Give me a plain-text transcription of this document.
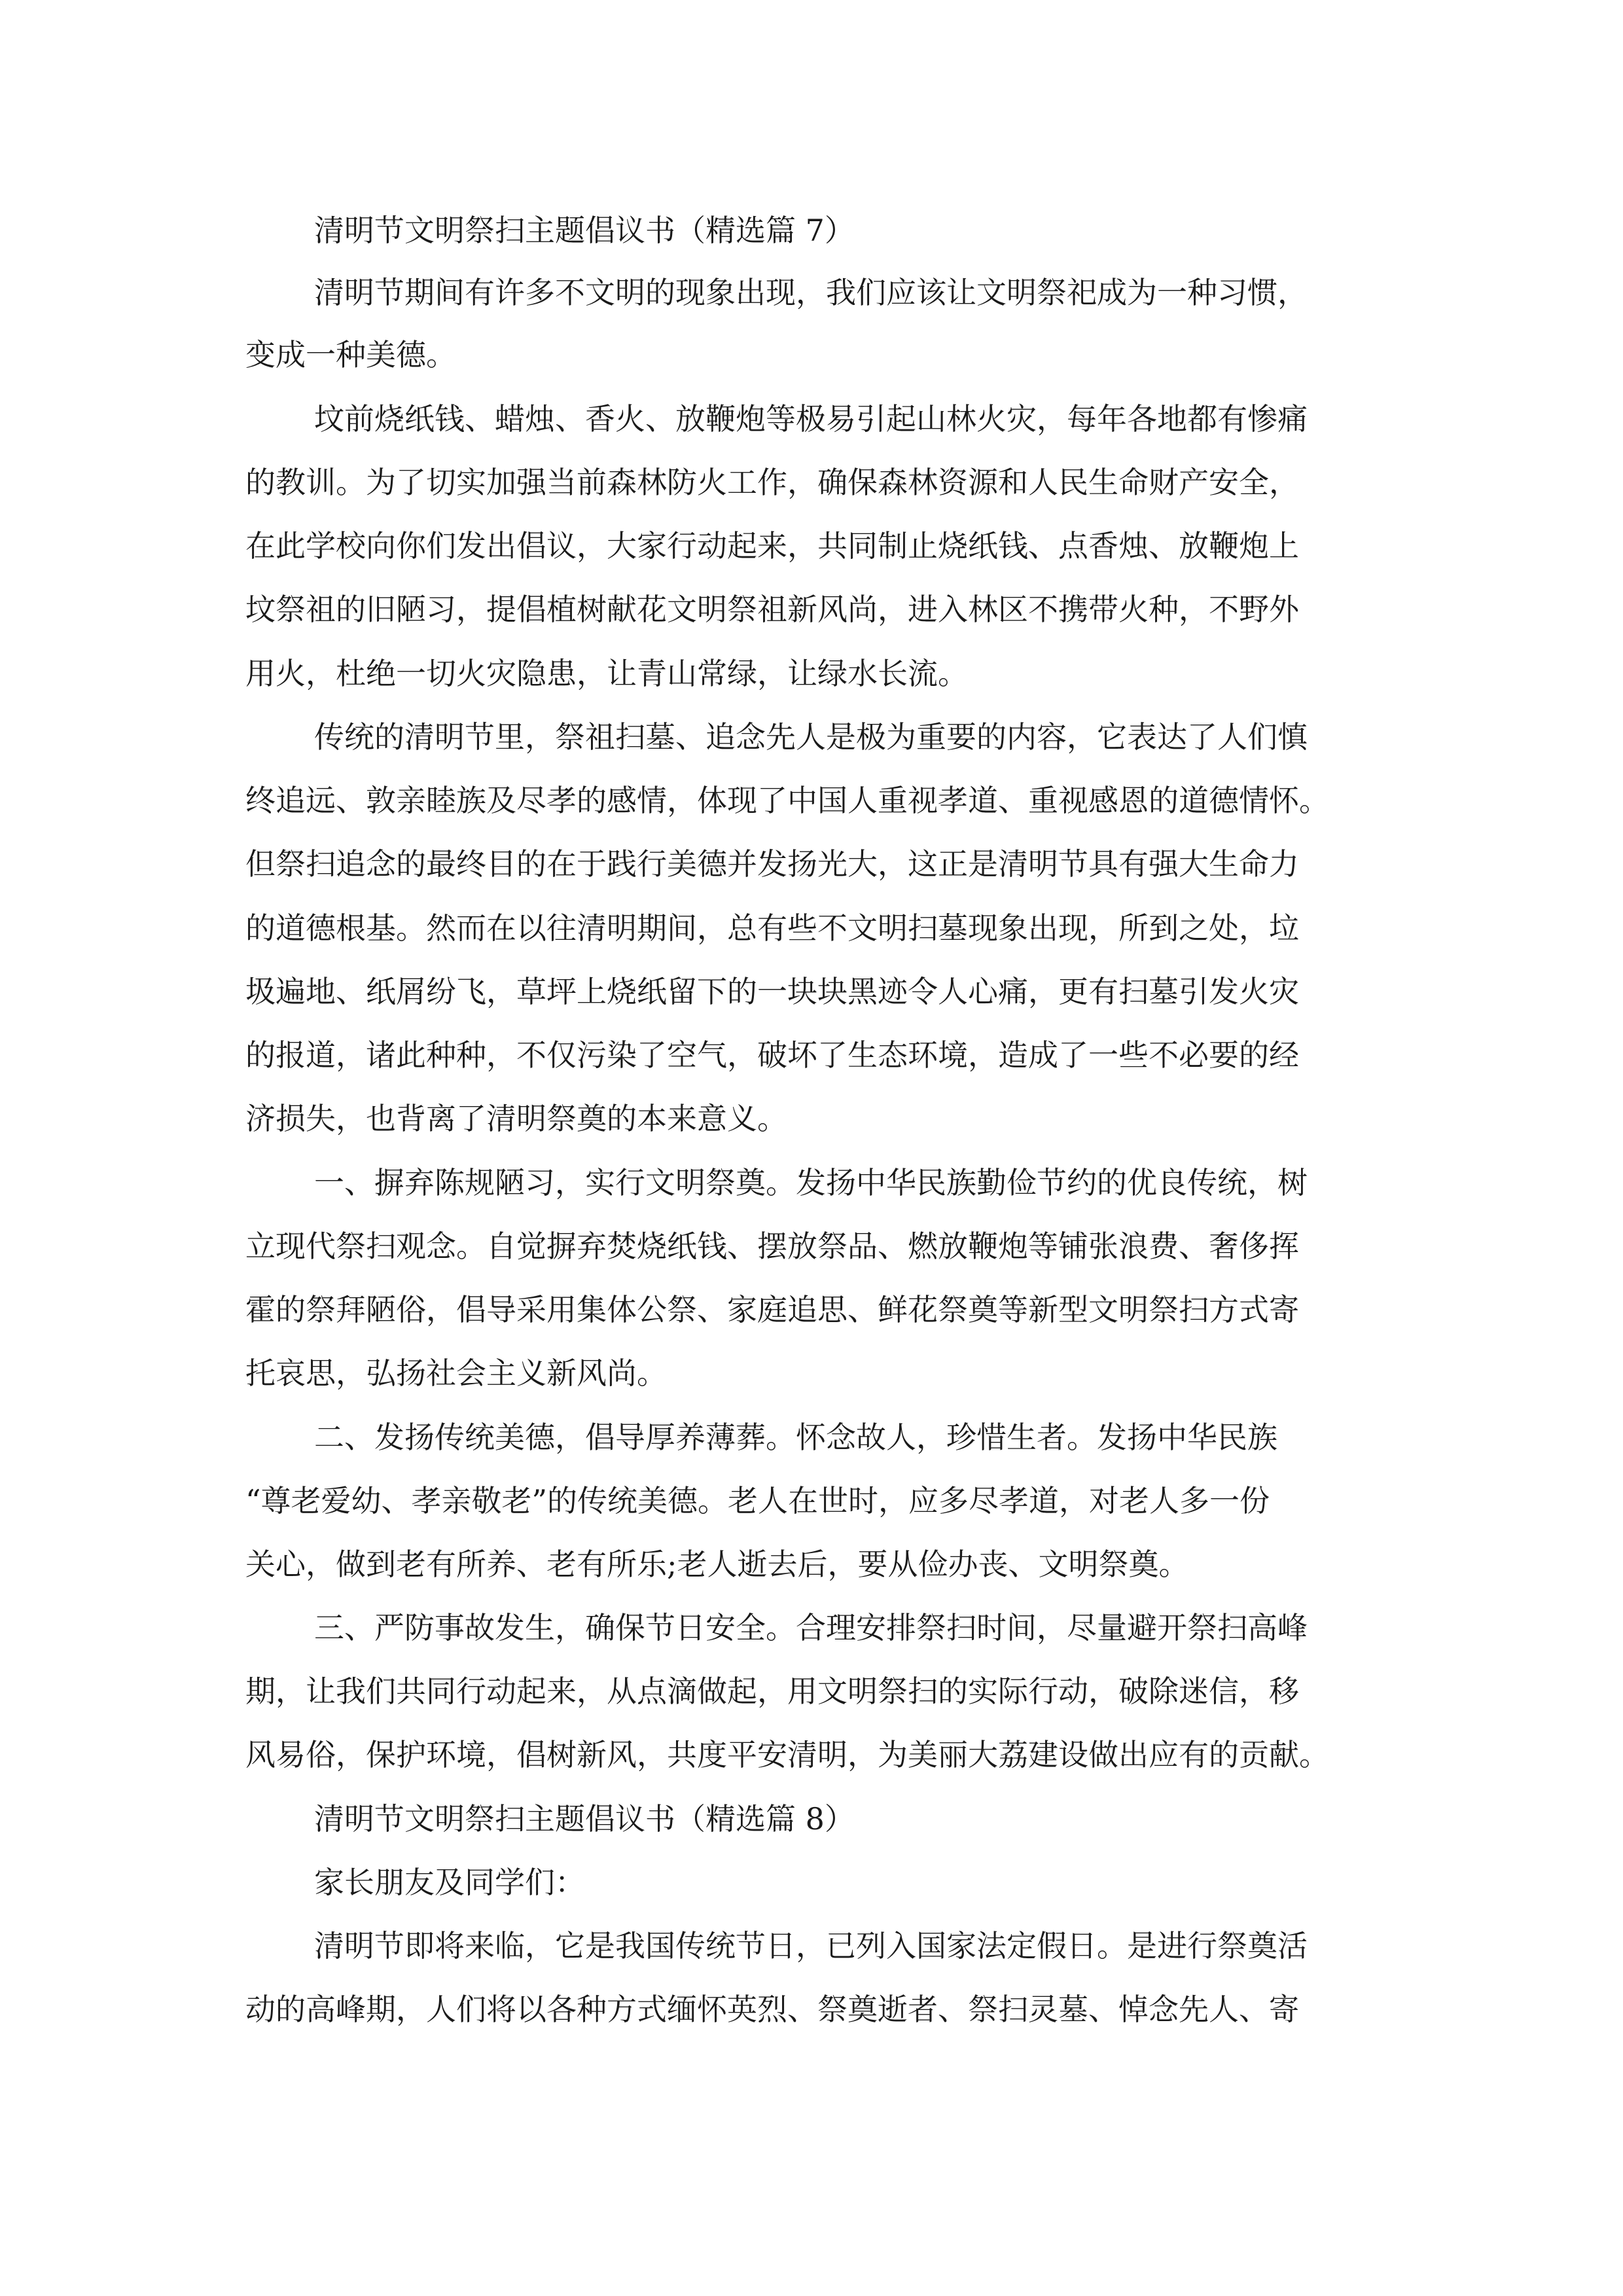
清明节文明祭扫主题倡议书（精选篇 7）
清明节期间有许多不文明的现象出现，我们应该让文明祭祀成为一种习惯，
变成一种美德。
坟前烧纸钱、蜡烛、香火、放鞭炮等极易引起山林火灾，每年各地都有惨痛
的教训。为了切实加强当前森林防火工作，确保森林资源和人民生命财产安全，
在此学校向你们发出倡议，大家行动起来，共同制止烧纸钱、点香烛、放鞭炮上
坟祭祖的旧陋习，提倡植树献花文明祭祖新风尚，进入林区不携带火种，不野外
用火，杜绝一切火灾隐患，让青山常绿，让绿水长流。
传统的清明节里，祭祖扫墓、追念先人是极为重要的内容，它表达了人们慎
终追远、敦亲睦族及尽孝的感情，体现了中国人重视孝道、重视感恩的道德情怀。
但祭扫追念的最终目的在于践行美德并发扬光大，这正是清明节具有强大生命力
的道德根基。然而在以往清明期间，总有些不文明扫墓现象出现，所到之处，垃
圾遍地、纸屑纷飞，草坪上烧纸留下的一块块黑迹令人心痛，更有扫墓引发火灾
的报道，诸此种种，不仅污染了空气，破坏了生态环境，造成了一些不必要的经
济损失，也背离了清明祭奠的本来意义。
一、摒弃陈规陋习，实行文明祭奠。发扬中华民族勤俭节约的优良传统，树
立现代祭扫观念。自觉摒弃焚烧纸钱、摆放祭品、燃放鞭炮等铺张浪费、奢侈挥
霍的祭拜陋俗，倡导采用集体公祭、家庭追思、鲜花祭奠等新型文明祭扫方式寄
托哀思，弘扬社会主义新风尚。
二、发扬传统美德，倡导厚养薄葬。怀念故人，珍惜生者。发扬中华民族
“尊老爱幼、孝亲敬老”的传统美德。老人在世时，应多尽孝道，对老人多一份
关心，做到老有所养、老有所乐;老人逝去后，要从俭办丧、文明祭奠。
三、严防事故发生，确保节日安全。合理安排祭扫时间，尽量避开祭扫高峰
期，让我们共同行动起来，从点滴做起，用文明祭扫的实际行动，破除迷信，移
风易俗，保护环境，倡树新风，共度平安清明，为美丽大荔建设做出应有的贡献。
清明节文明祭扫主题倡议书（精选篇 8）
家长朋友及同学们：
清明节即将来临，它是我国传统节日，已列入国家法定假日。是进行祭奠活
动的高峰期，人们将以各种方式缅怀英烈、祭奠逝者、祭扫灵墓、悼念先人、寄
